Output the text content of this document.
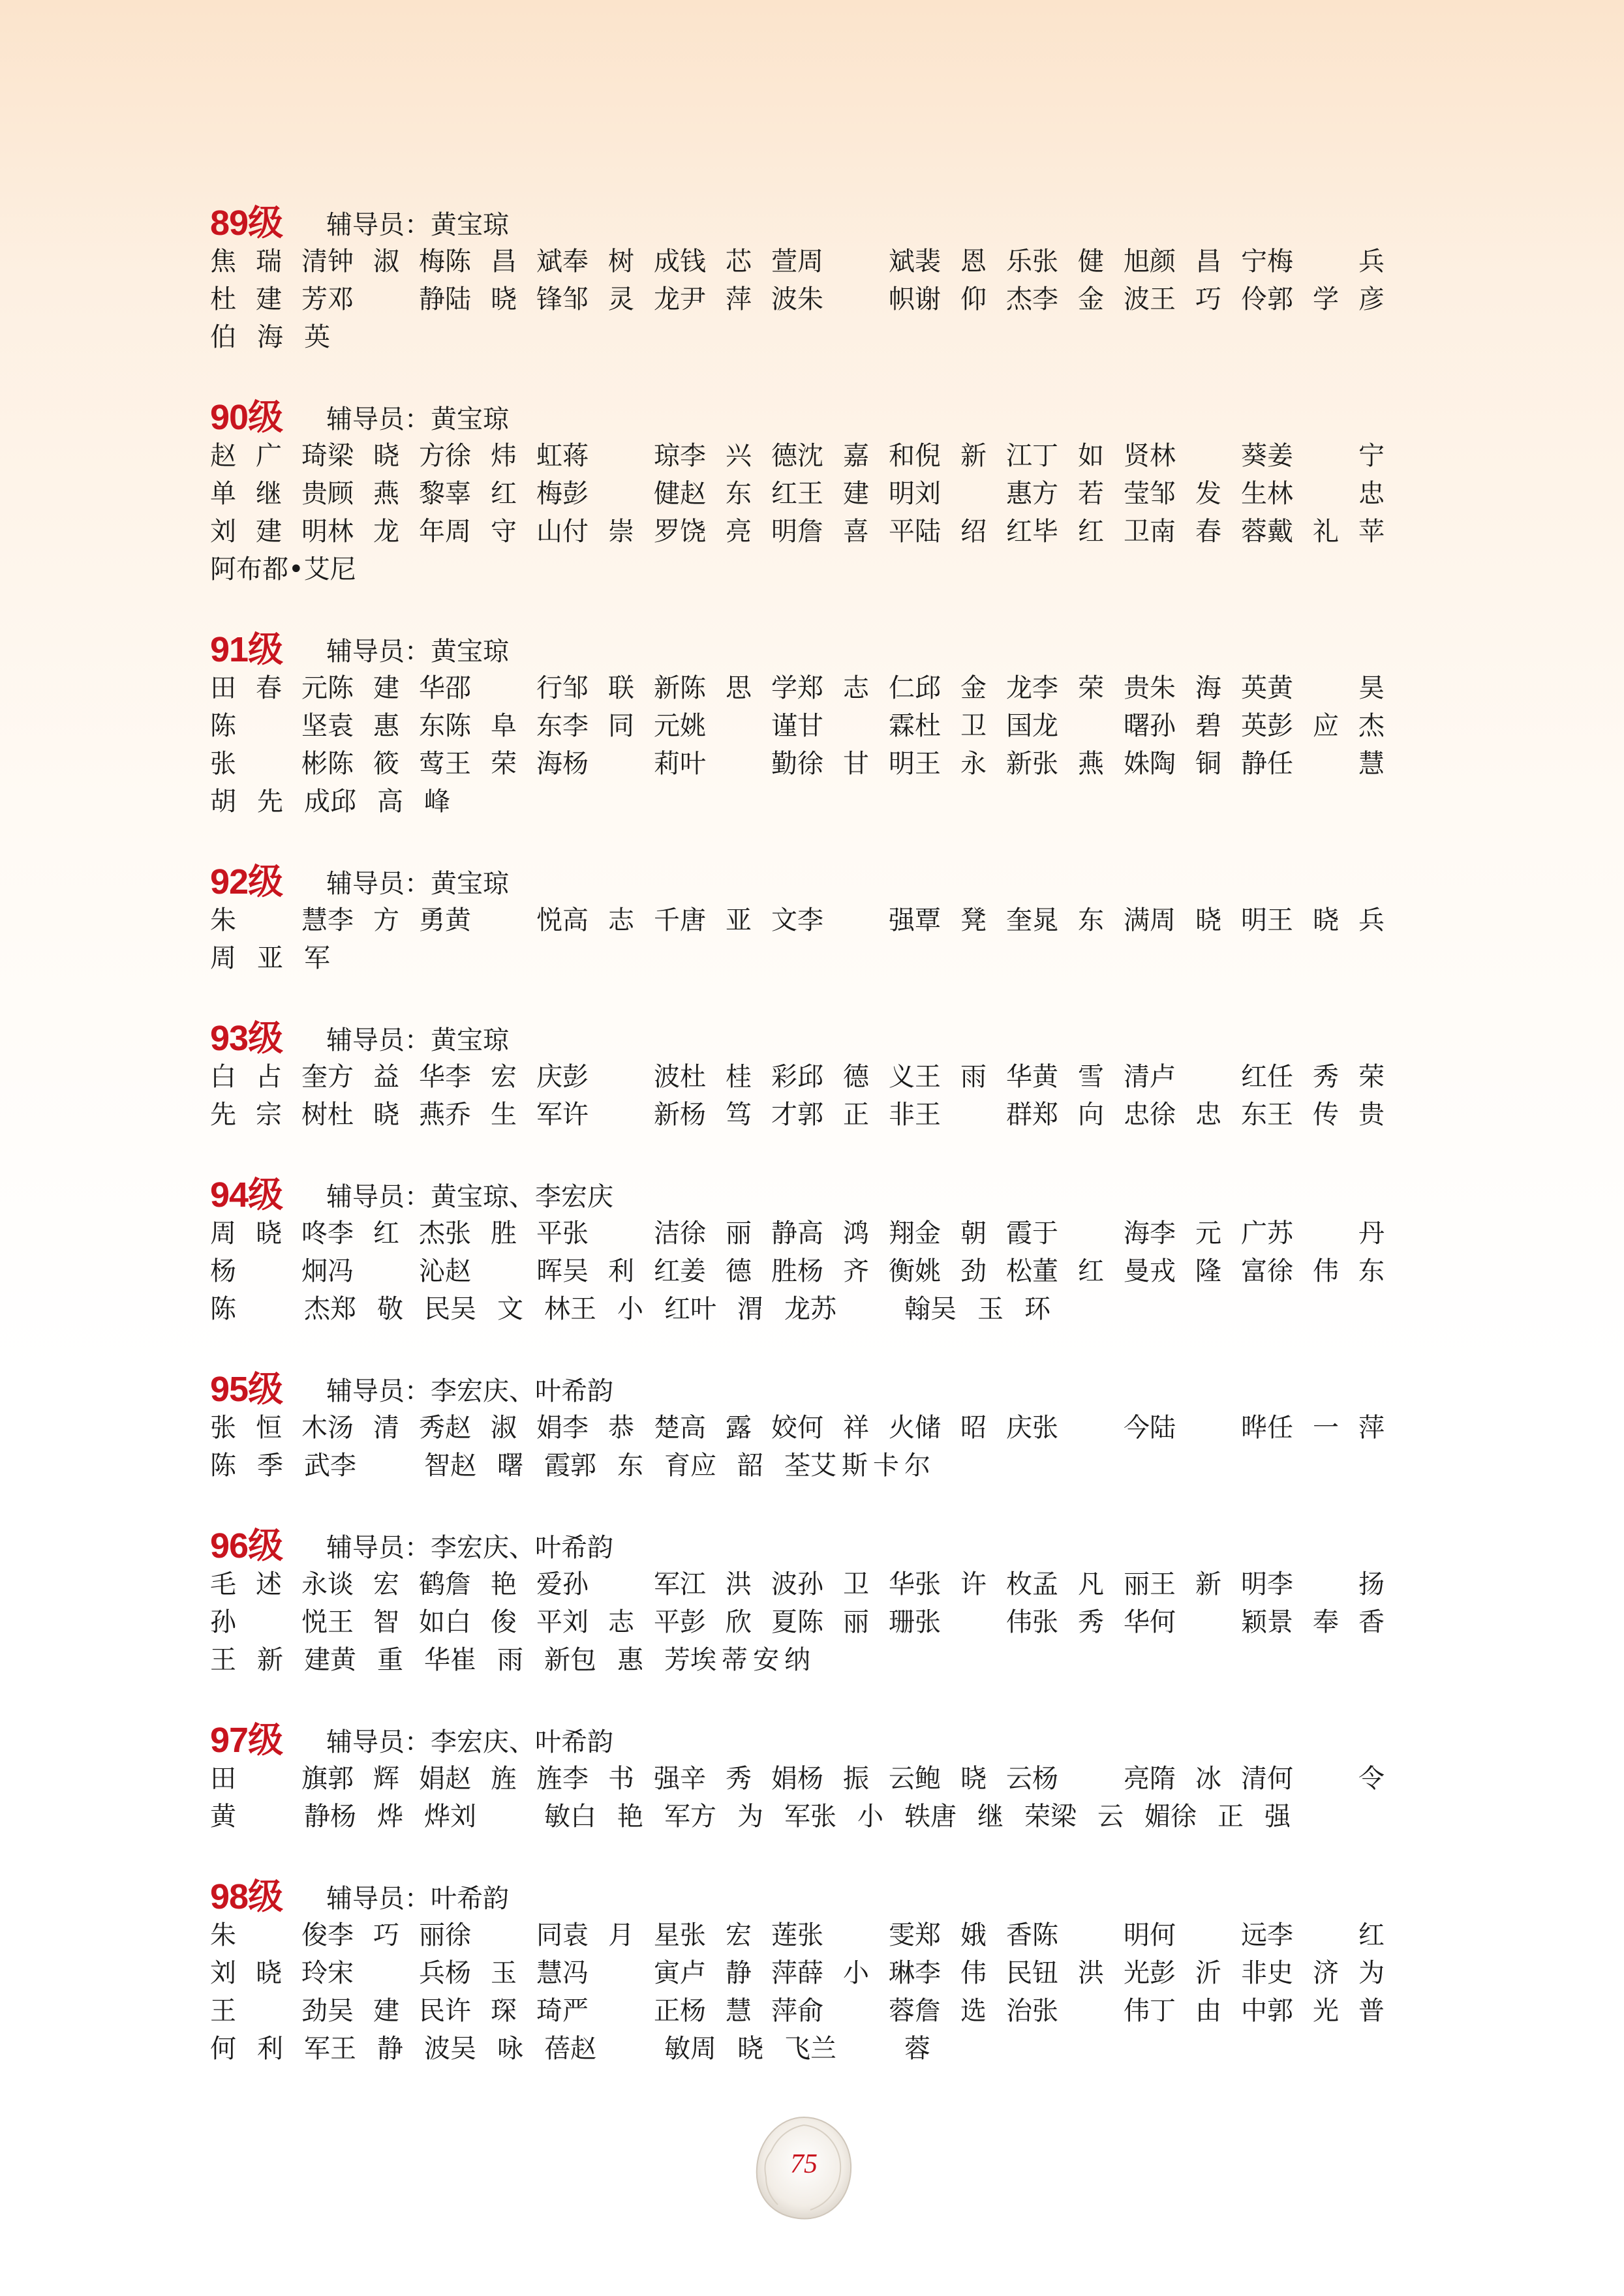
89级	辅导员：黄宝琼
焦 瑞 清 钟 淑 梅 陈 昌 斌 奉 树 成 钱 芯 萱 周	斌 裴 恩 乐 张 健 旭 颜 昌 宁 梅	兵
杜 建 芳 邓	静 陆 晓 锋 邹 灵 龙 尹 萍 波 朱	帜 谢 仰 杰 李 金 波 王 巧 伶 郭 学 彦
伯 海 英
90级	辅导员：黄宝琼
赵 广 琦 梁 晓 方 徐 炜 虹 蒋	琼 李 兴 德 沈 嘉 和 倪 新 江 丁 如 贤 林	葵 姜	宁
单 继 贵 顾 燕 黎 辜 红 梅 彭	健 赵 东 红 王 建 明 刘	惠 方 若 莹 邹 发 生 林	忠
刘 建 明 林 龙 年 周 守 山 付 崇 罗 饶 亮 明 詹 喜 平 陆 绍 红 毕 红 卫 南 春 蓉 戴 礼 苹
阿布都•艾尼
91级	辅导员：黄宝琼
田 春 元 陈 建 华 邵	行 邹 联 新 陈 思 学 郑 志 仁 邱 金 龙 李 荣 贵 朱 海 英 黄	昊
陈	坚 袁 惠 东 陈 阜 东 李 同 元 姚	谨 甘	霖 杜 卫 国 龙	曙 孙 碧 英 彭 应 杰
张	彬 陈 筱 莺 王 荣 海 杨	莉 叶	勤 徐 甘 明 王 永 新 张 燕 姝 陶 铜 静 任	慧
胡 先 成 邱 高 峰
92级	辅导员：黄宝琼
朱	慧 李 方 勇 黄	悦 高 志 千 唐 亚 文 李	强 覃 凳 奎 晁 东 满 周 晓 明 王 晓 兵
周 亚 军
93级	辅导员：黄宝琼
白 占 奎 方 益 华 李 宏 庆 彭	波 杜 桂 彩 邱 德 义 王 雨 华 黄 雪 清 卢	红 任 秀 荣
先 宗 树 杜 晓 燕 乔 生 军 许	新 杨 笃 才 郭 正 非 王	群 郑 向 忠 徐 忠 东 王 传 贵
94级	辅导员：黄宝琼、李宏庆
周 晓 咚 李 红 杰 张 胜 平 张	洁 徐 丽 静 高 鸿 翔 金 朝 霞 于	海 李 元 广 苏	丹
杨	炯 冯	沁 赵	晖 吴 利 红 姜 德 胜 杨 齐 衡 姚 劲 松 董 红 曼 戎 隆 富 徐 伟 东
陈	杰 郑 敬 民 吴 文 林 王 小 红 叶 渭 龙 苏	翰 吴 玉 环
95级	辅导员：李宏庆、叶希韵
张 恒 木 汤 清 秀 赵 淑 娟 李 恭 楚 高 露 姣 何 祥 火 储 昭 庆 张	今 陆	晔 任 一 萍
陈 季 武 李	智 赵 曙 霞 郭 东 育 应 韶 荃 艾 斯 卡 尔
96级	辅导员：李宏庆、叶希韵
毛 述 永 谈 宏 鹤 詹 艳 爱 孙	军 江 洪 波 孙 卫 华 张 许 枚 孟 凡 丽 王 新 明 李	扬
孙	悦 王 智 如 白 俊 平 刘 志 平 彭 欣 夏 陈 丽 珊 张	伟 张 秀 华 何	颖 景 奉 香
王 新 建 黄 重 华 崔 雨 新 包 惠 芳 埃 蒂 安 纳
97级	辅导员：李宏庆、叶希韵
田	旗 郭 辉 娟 赵 旌 旌 李 书 强 辛 秀 娟 杨 振 云 鲍 晓 云 杨	亮 隋 冰 清 何	令
黄	静 杨 烨 烨 刘	敏 白 艳 军 方 为 军 张 小 轶 唐 继 荣 梁 云 媚 徐 正 强
98级	辅导员：叶希韵
朱	俊 李 巧 丽 徐	同 袁 月 星 张 宏 莲 张	雯 郑 娥 香 陈	明 何	远 李	红
刘 晓 玲 宋	兵 杨 玉 慧 冯	寅 卢 静 萍 薛 小 琳 李 伟 民 钮 洪 光 彭 沂 非 史 济 为
王	劲 吴 建 民 许 琛 琦 严	正 杨 慧 萍 俞	蓉 詹 选 治 张	伟 丁 由 中 郭 光 普
何 利 军 王 静 波 吴 咏 蓓 赵	敏 周 晓 飞 兰	蓉
75
